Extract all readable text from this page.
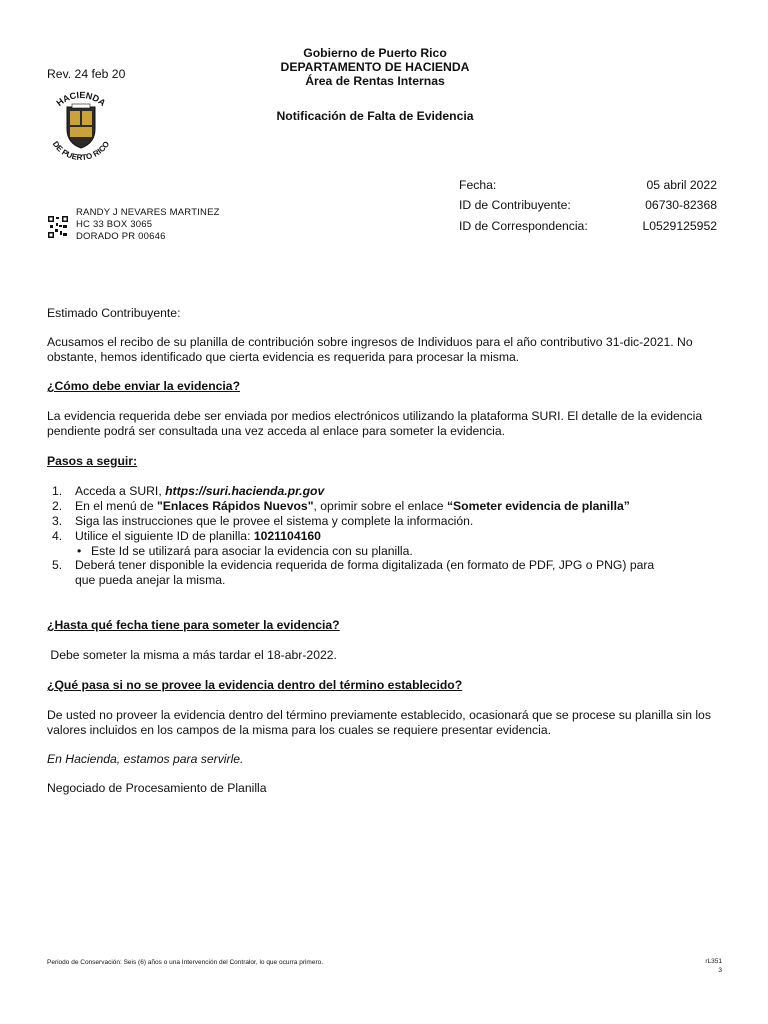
Rev. 24 feb 20
Gobierno de Puerto Rico
DEPARTAMENTO DE HACIENDA
Área de Rentas Internas
Notificación de Falta de Evidencia
HACIENDA
DE PUERTO RICO
Fecha:	05 abril 2022
ID de Contribuyente:	06730-82368
ID de Correspondencia:	L0529125952
RANDY J NEVARES MARTINEZ
HC 33 BOX 3065
DORADO PR 00646
Estimado Contribuyente:
Acusamos el recibo de su planilla de contribución sobre ingresos de Individuos para el año contributivo 31-dic-2021. No obstante, hemos identificado que cierta evidencia es requerida para procesar la misma.
¿Cómo debe enviar la evidencia?
La evidencia requerida debe ser enviada por medios electrónicos utilizando la plataforma SURI. El detalle de la evidencia pendiente podrá ser consultada una vez acceda al enlace para someter la evidencia.
Pasos a seguir:
1. Acceda a SURI, https://suri.hacienda.pr.gov
2. En el menú de "Enlaces Rápidos Nuevos", oprimir sobre el enlace “Someter evidencia de planilla”
3. Siga las instrucciones que le provee el sistema y complete la información.
4. Utilice el siguiente ID de planilla: 1021104160
• Este Id se utilizará para asociar la evidencia con su planilla.
5. Deberá tener disponible la evidencia requerida de forma digitalizada (en formato de PDF, JPG o PNG) para que pueda anejar la misma.
¿Hasta qué fecha tiene para someter la evidencia?
Debe someter la misma a más tardar el 18-abr-2022.
¿Qué pasa si no se provee la evidencia dentro del término establecido?
De usted no proveer la evidencia dentro del término previamente establecido, ocasionará que se procese su planilla sin los valores incluidos en los campos de la misma para los cuales se requiere presentar evidencia.
En Hacienda, estamos para servirle.
Negociado de Procesamiento de Planilla
Periodo de Conservación: Seis (6) años o una Intervención del Contralor, lo que ocurra primero.	rL351
3
